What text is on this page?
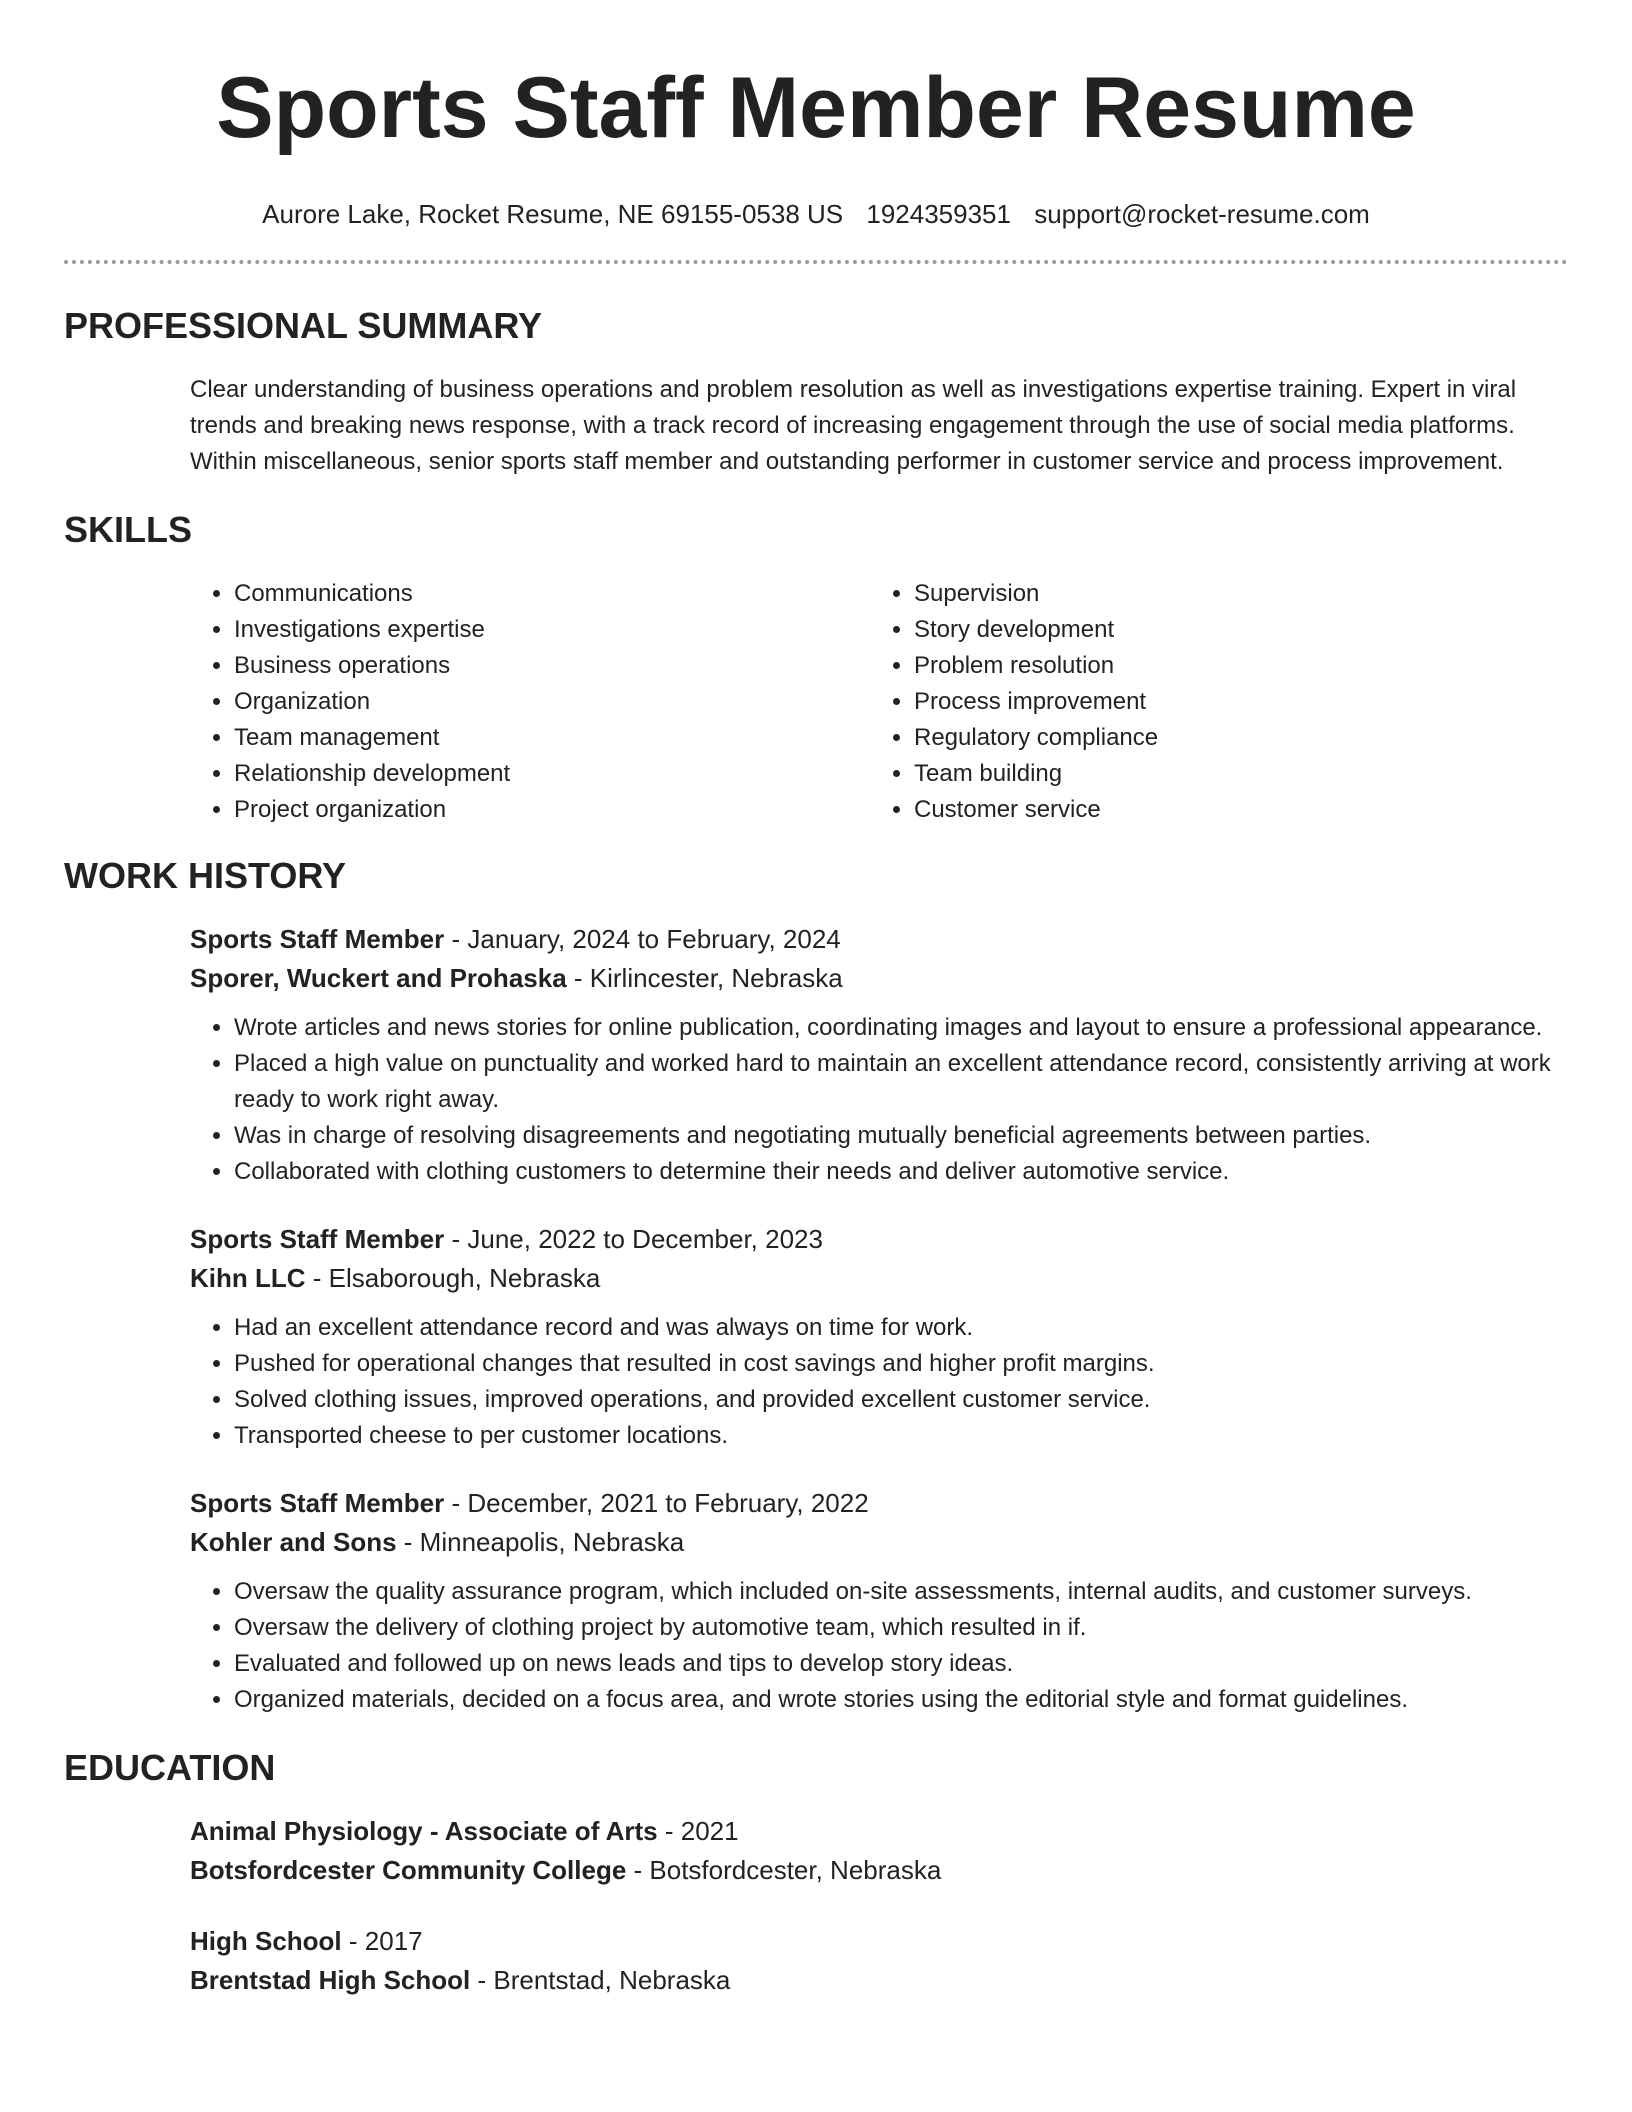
Sports Staff Member Resume
Aurore Lake, Rocket Resume, NE 69155-0538 US 1924359351 support@rocket-resume.com
PROFESSIONAL SUMMARY

Clear understanding of business operations and problem resolution as well as investigations expertise training. Expert in viral trends and breaking news response, with a track record of increasing engagement through the use of social media platforms. Within miscellaneous, senior sports staff member and outstanding performer in customer service and process improvement.

SKILLS
• Communications
• Investigations expertise
• Business operations
• Organization
• Team management
• Relationship development
• Project organization
• Supervision
• Story development
• Problem resolution
• Process improvement
• Regulatory compliance
• Team building
• Customer service
WORK HISTORY
Sports Staff Member - January, 2024 to February, 2024
Sporer, Wuckert and Prohaska - Kirlincester, Nebraska
• Wrote articles and news stories for online publication, coordinating images and layout to ensure a professional appearance.
• Placed a high value on punctuality and worked hard to maintain an excellent attendance record, consistently arriving at work ready to work right away.
• Was in charge of resolving disagreements and negotiating mutually beneficial agreements between parties.
• Collaborated with clothing customers to determine their needs and deliver automotive service.
Sports Staff Member - June, 2022 to December, 2023
Kihn LLC - Elsaborough, Nebraska
• Had an excellent attendance record and was always on time for work.
• Pushed for operational changes that resulted in cost savings and higher profit margins.
• Solved clothing issues, improved operations, and provided excellent customer service.
• Transported cheese to per customer locations.
Sports Staff Member - December, 2021 to February, 2022
Kohler and Sons - Minneapolis, Nebraska
• Oversaw the quality assurance program, which included on-site assessments, internal audits, and customer surveys.
• Oversaw the delivery of clothing project by automotive team, which resulted in if.
• Evaluated and followed up on news leads and tips to develop story ideas.
• Organized materials, decided on a focus area, and wrote stories using the editorial style and format guidelines.
EDUCATION
Animal Physiology - Associate of Arts - 2021
Botsfordcester Community College - Botsfordcester, Nebraska
High School - 2017
Brentstad High School - Brentstad, Nebraska
